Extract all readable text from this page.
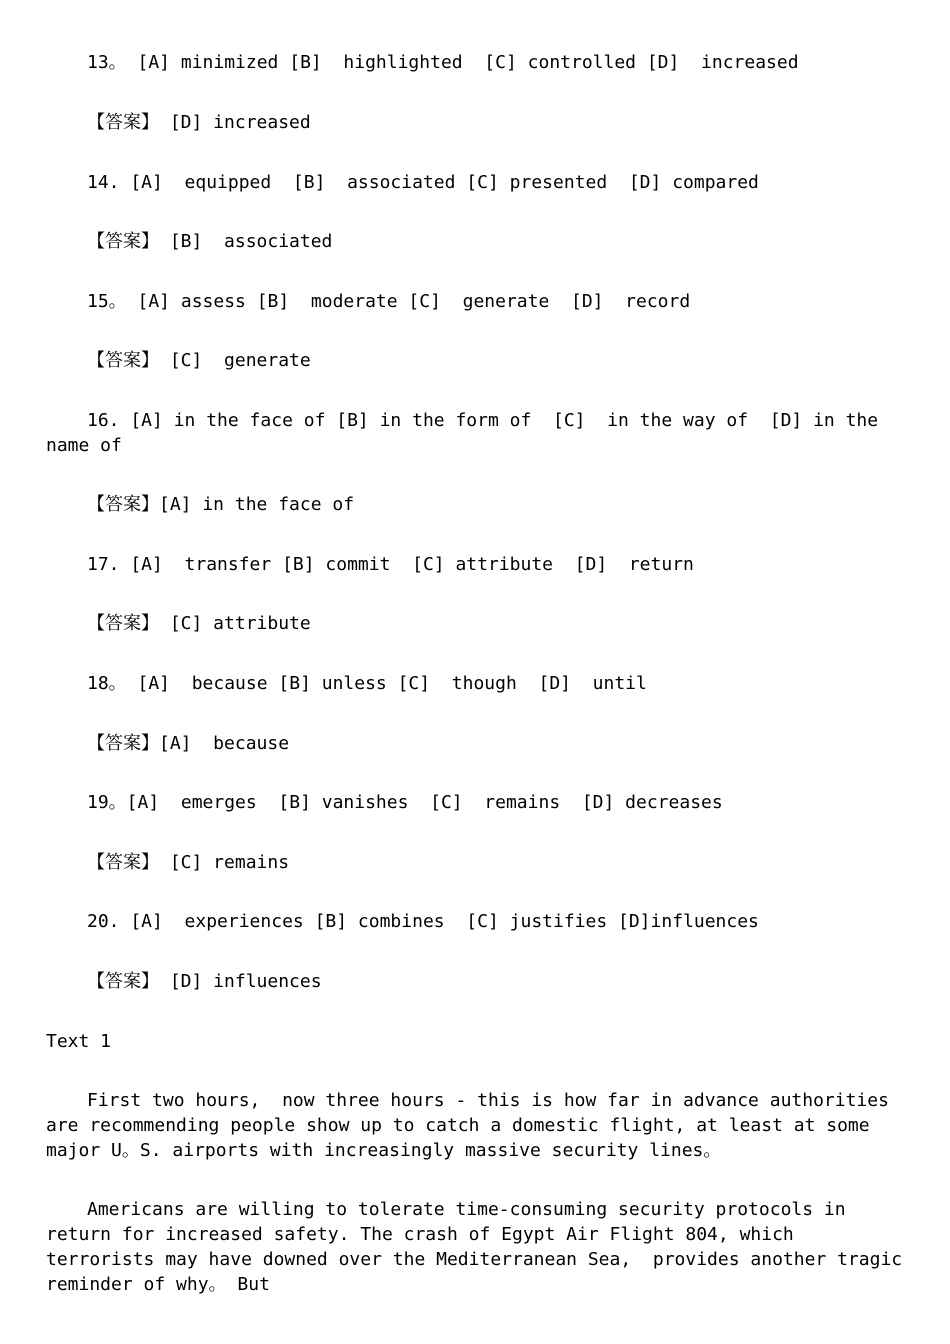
13。 [A] minimized [B]  highlighted  [C] controlled [D]  increased
【答案】 [D] increased
14. [A]  equipped  [B]  associated [C] presented  [D] compared
【答案】 [B]  associated
15。 [A] assess [B]  moderate [C]  generate  [D]  record
【答案】 [C]  generate
16. [A] in the face of [B] in the form of  [C]  in the way of  [D] in the name of
【答案】[A] in the face of
17. [A]  transfer [B] commit  [C] attribute  [D]  return
【答案】 [C] attribute
18。 [A]  because [B] unless [C]  though  [D]  until
【答案】[A]  because
19。[A]  emerges  [B] vanishes  [C]  remains  [D] decreases
【答案】 [C] remains
20. [A]  experiences [B] combines  [C] justifies [D]influences
【答案】 [D] influences
Text 1
First two hours,  now three hours - this is how far in advance authorities are recommending people show up to catch a domestic flight, at least at some major U。S. airports with increasingly massive security lines。
Americans are willing to tolerate time-consuming security protocols in return for increased safety. The crash of Egypt Air Flight 804, which terrorists may have downed over the Mediterranean Sea,  provides another tragic reminder of why。 But
